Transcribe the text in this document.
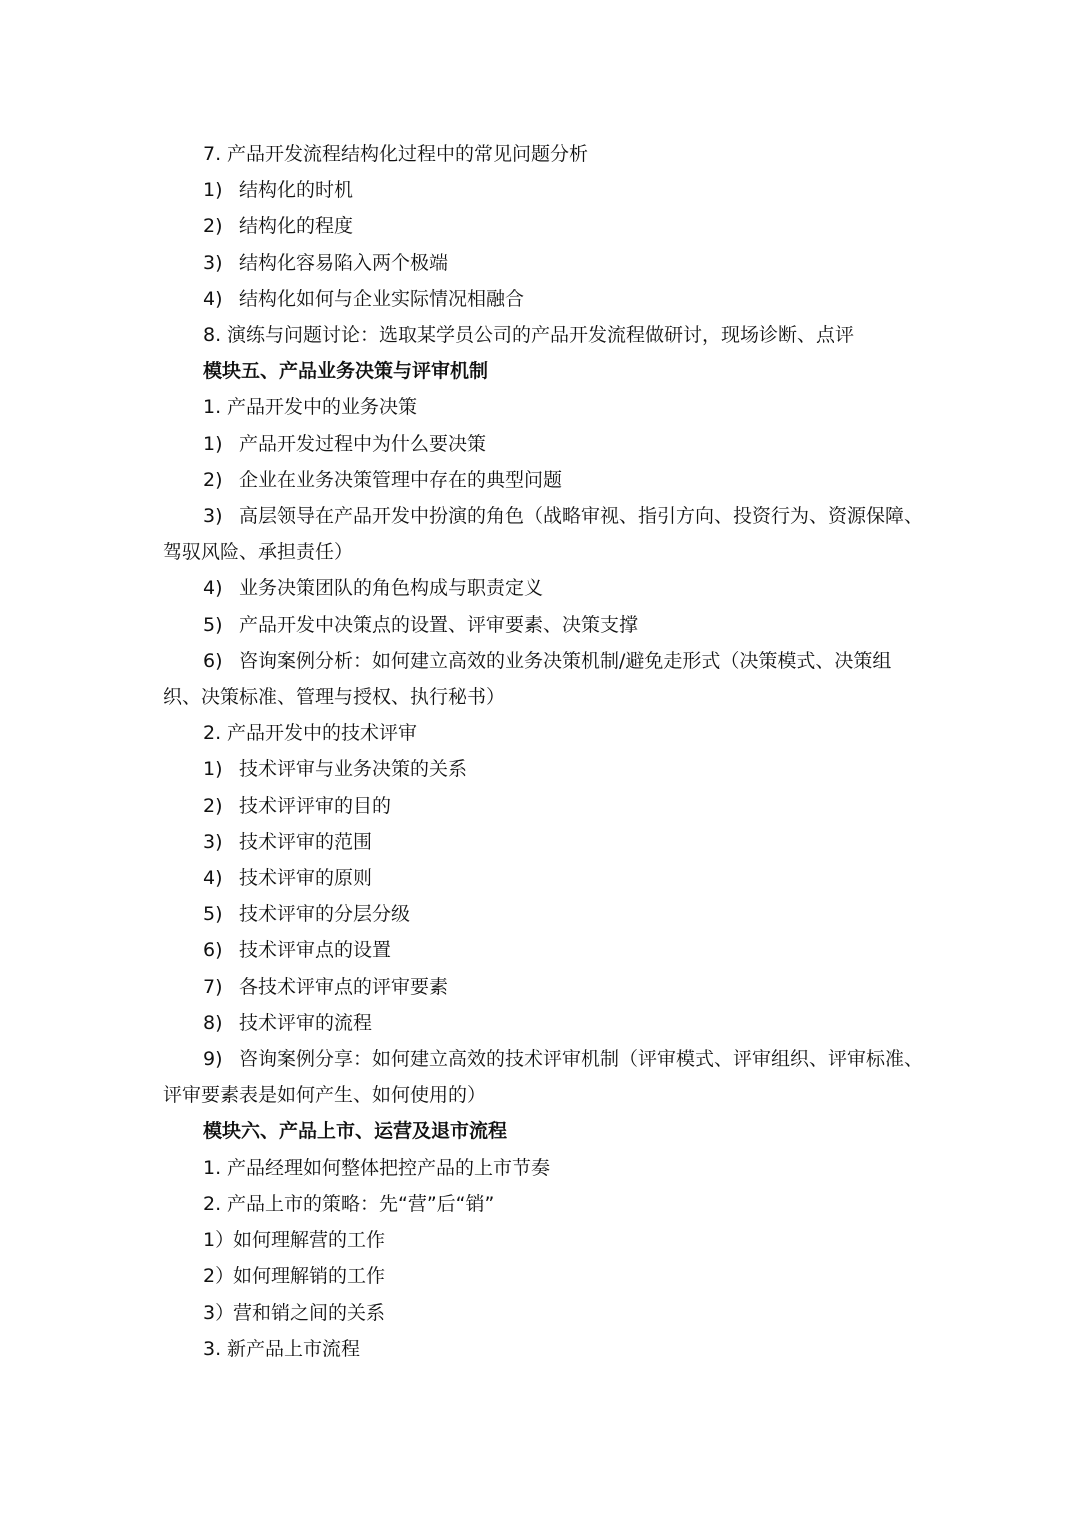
7. 产品开发流程结构化过程中的常见问题分析
1) 结构化的时机
2) 结构化的程度
3) 结构化容易陷入两个极端
4) 结构化如何与企业实际情况相融合
8. 演练与问题讨论：选取某学员公司的产品开发流程做研讨，现场诊断、点评
模块五、产品业务决策与评审机制
1. 产品开发中的业务决策
1) 产品开发过程中为什么要决策
2) 企业在业务决策管理中存在的典型问题
3) 高层领导在产品开发中扮演的角色（战略审视、指引方向、投资行为、资源保障、驾驭风险、承担责任）
4) 业务决策团队的角色构成与职责定义
5) 产品开发中决策点的设置、评审要素、决策支撑
6) 咨询案例分析：如何建立高效的业务决策机制/避免走形式（决策模式、决策组织、决策标准、管理与授权、执行秘书）
2. 产品开发中的技术评审
1) 技术评审与业务决策的关系
2) 技术评评审的目的
3) 技术评审的范围
4) 技术评审的原则
5) 技术评审的分层分级
6) 技术评审点的设置
7) 各技术评审点的评审要素
8) 技术评审的流程
9) 咨询案例分享：如何建立高效的技术评审机制（评审模式、评审组织、评审标准、评审要素表是如何产生、如何使用的）
模块六、产品上市、运营及退市流程
1. 产品经理如何整体把控产品的上市节奏
2. 产品上市的策略：先“营”后“销”
1）如何理解营的工作
2）如何理解销的工作
3）营和销之间的关系
3. 新产品上市流程
